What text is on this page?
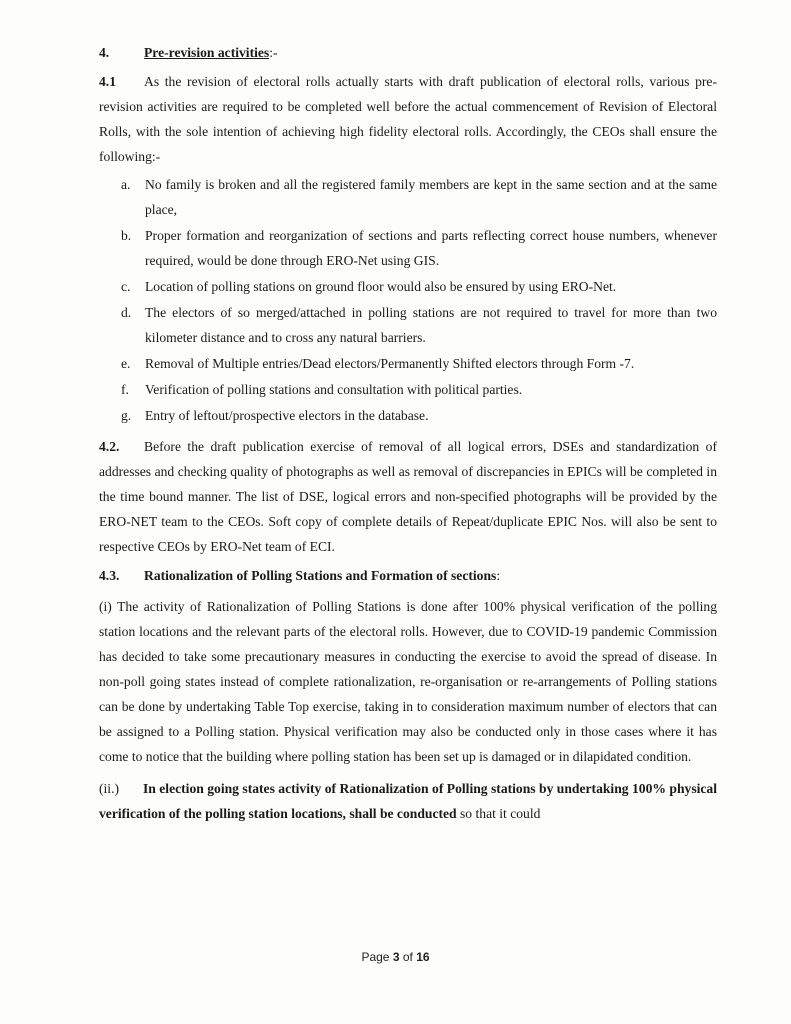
4.	Pre-revision activities:-

4.1 As the revision of electoral rolls actually starts with draft publication of electoral rolls, various pre-revision activities are required to be completed well before the actual commencement of Revision of Electoral Rolls, with the sole intention of achieving high fidelity electoral rolls. Accordingly, the CEOs shall ensure the following:-

a.	No family is broken and all the registered family members are kept in the same section and at the same place,
b.	Proper formation and reorganization of sections and parts reflecting correct house numbers, whenever required, would be done through ERO-Net using GIS.
c.	Location of polling stations on ground floor would also be ensured by using ERO-Net.
d.	The electors of so merged/attached in polling stations are not required to travel for more than two kilometer distance and to cross any natural barriers.
e.	Removal of Multiple entries/Dead electors/Permanently Shifted electors through Form -7.
f.	Verification of polling stations and consultation with political parties.
g.	Entry of leftout/prospective electors in the database.

4.2. Before the draft publication exercise of removal of all logical errors, DSEs and standardization of addresses and checking quality of photographs as well as removal of discrepancies in EPICs will be completed in the time bound manner. The list of DSE, logical errors and non-specified photographs will be provided by the ERO-NET team to the CEOs. Soft copy of complete details of Repeat/duplicate EPIC Nos. will also be sent to respective CEOs by ERO-Net team of ECI.

4.3. Rationalization of Polling Stations and Formation of sections:

(i) The activity of Rationalization of Polling Stations is done after 100% physical verification of the polling station locations and the relevant parts of the electoral rolls. However, due to COVID-19 pandemic Commission has decided to take some precautionary measures in conducting the exercise to avoid the spread of disease. In non-poll going states instead of complete rationalization, re-organisation or re-arrangements of Polling stations can be done by undertaking Table Top exercise, taking in to consideration maximum number of electors that can be assigned to a Polling station. Physical verification may also be conducted only in those cases where it has come to notice that the building where polling station has been set up is damaged or in dilapidated condition.

(ii.) In election going states activity of Rationalization of Polling stations by undertaking 100% physical verification of the polling station locations, shall be conducted so that it could

Page 3 of 16
